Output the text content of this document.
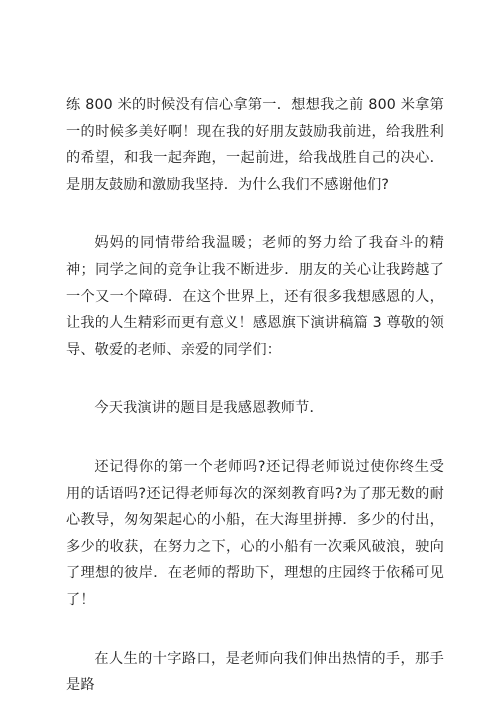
练 800 米的时候没有信心拿第一．想想我之前 800 米拿第一的时候多美好啊！现在我的好朋友鼓励我前进，给我胜利的希望，和我一起奔跑，一起前进，给我战胜自己的决心．是朋友鼓励和激励我坚持．为什么我们不感谢他们?

妈妈的同情带给我温暖；老师的努力给了我奋斗的精神；同学之间的竞争让我不断进步．朋友的关心让我跨越了一个又一个障碍．在这个世界上，还有很多我想感恩的人，让我的人生精彩而更有意义！感恩旗下演讲稿篇 3 尊敬的领导、敬爱的老师、亲爱的同学们：

今天我演讲的题目是我感恩教师节．

还记得你的第一个老师吗?还记得老师说过使你终生受用的话语吗?还记得老师每次的深刻教育吗?为了那无数的耐心教导，匆匆架起心的小船，在大海里拼搏．多少的付出，多少的收获，在努力之下，心的小船有一次乘风破浪，驶向了理想的彼岸．在老师的帮助下，理想的庄园终于依稀可见了！

在人生的十字路口，是老师向我们伸出热情的手，那手是路
